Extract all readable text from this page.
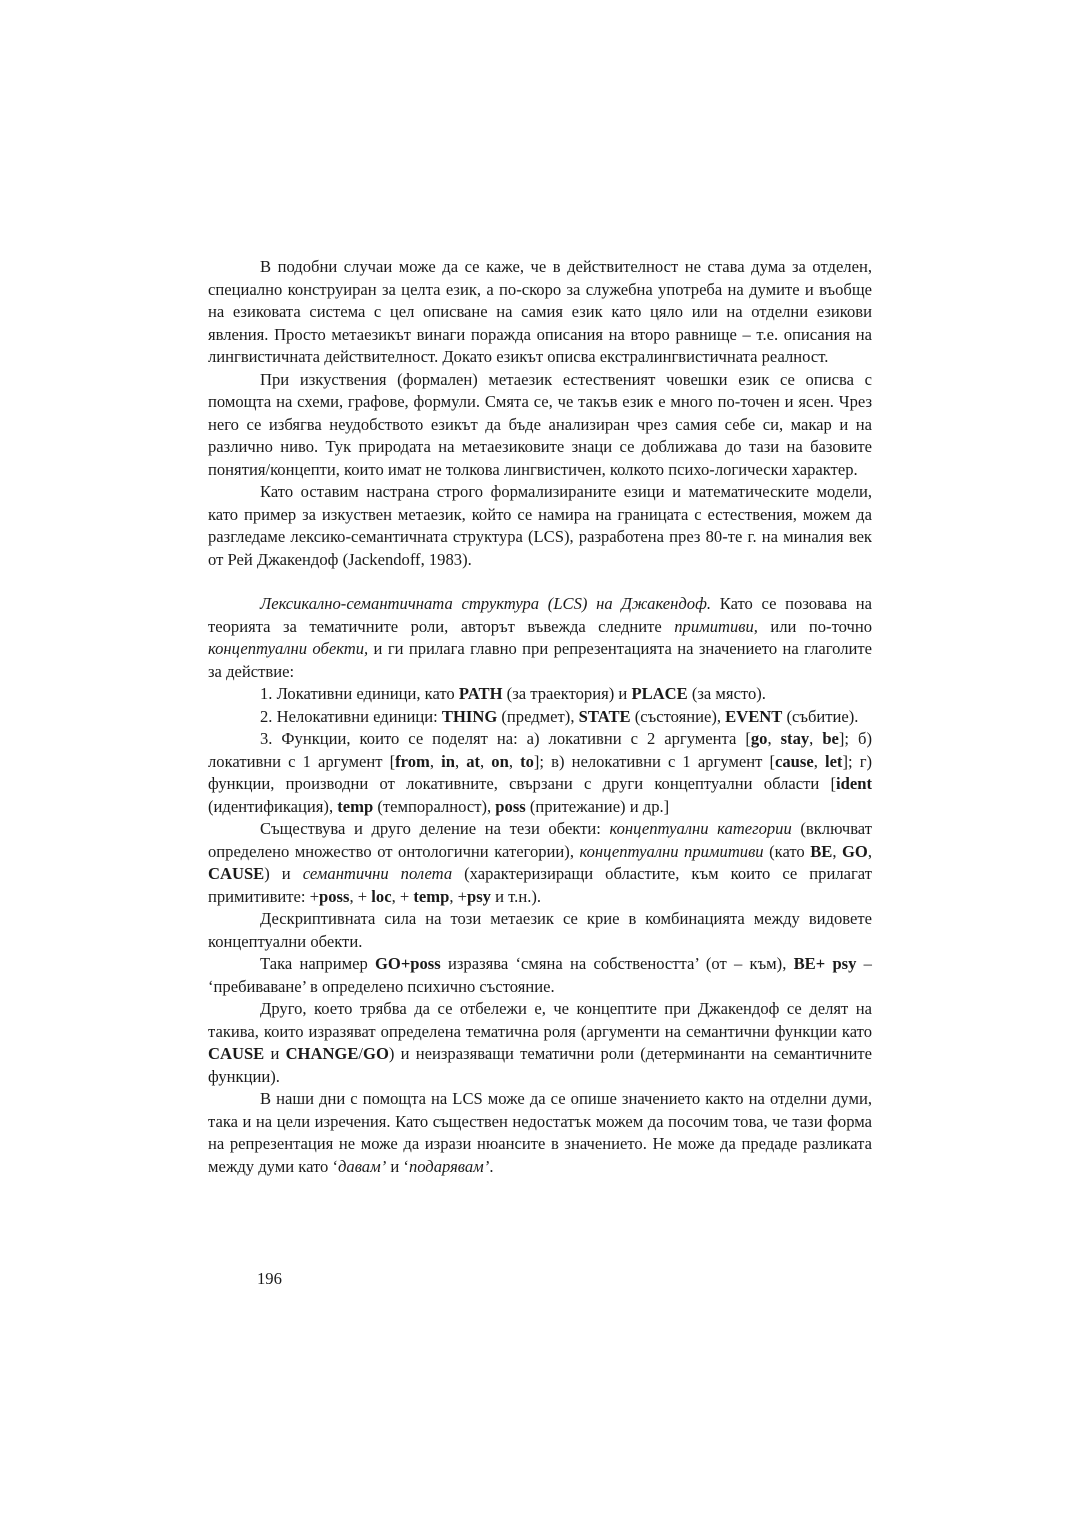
В подобни случаи може да се каже, че в действителност не става дума за отделен, специално конструиран за целта език, а по-скоро за служебна употреба на думите и въобще на езиковата система с цел описване на самия език като цяло или на отделни езикови явления. Просто метаезикът винаги поражда описания на второ равнище – т.е. описания на лингвистичната действителност. Докато езикът описва екстралингвистичната реалност.

При изкуствения (формален) метаезик естественият човешки език се описва с помощта на схеми, графове, формули. Смята се, че такъв език е много по-точен и ясен. Чрез него се избягва неудобството езикът да бъде анализиран чрез самия себе си, макар и на различно ниво. Тук природата на метаезиковите знаци се доближава до тази на базовите понятия/концепти, които имат не толкова лингвистичен, колкото психо-логически характер.

Като оставим настрана строго формализираните езици и математическите модели, като пример за изкуствен метаезик, който се намира на границата с естествения, можем да разгледаме лексико-семантичната структура (LCS), разработена през 80-те г. на миналия век от Рей Джакендоф (Jackendoff, 1983).

Лексикално-семантичната структура (LCS) на Джакендоф. Като се позовава на теорията за тематичните роли, авторът въвежда следните примитиви, или по-точно концептуални обекти, и ги прилага главно при репрезентацията на значението на глаголите за действие:

1. Локативни единици, като PATH (за траектория) и PLACE (за място).

2. Нелокативни единици: THING (предмет), STATE (състояние), EVENT (събитие).

3. Функции, които се поделят на: а) локативни с 2 аргумента [go, stay, be]; б) локативни с 1 аргумент [from, in, at, on, to]; в) нелокативни с 1 аргумент [cause, let]; г) функции, производни от локативните, свързани с други концептуални области [ident (идентификация), temp (темпоралност), poss (притежание) и др.]

Съществува и друго деление на тези обекти: концептуални категории (включват определено множество от онтологични категории), концептуални примитиви (като BE, GO, CAUSE) и семантични полета (характеризиращи областите, към които се прилагат примитивите: +poss, + loc, + temp, +psy и т.н.).

Дескриптивната сила на този метаезик се крие в комбинацията между видовете концептуални обекти.

Така например GO+poss изразява ‘смяна на собствеността’ (от – към), BE+ psy – ‘пребиваване’ в определено психично състояние.

Друго, което трябва да се отбележи е, че концептите при Джакендоф се делят на такива, които изразяват определена тематична роля (аргументи на семантични функции като CAUSE и CHANGE/GO) и неизразяващи тематични роли (детерминанти на семантичните функции).

В наши дни с помощта на LCS може да се опише значението както на отделни думи, така и на цели изречения. Като съществен недостатък можем да посочим това, че тази форма на репрезентация не може да изрази нюансите в значението. Не може да предаде разликата между думи като ‘давам’ и ‘подарявам’.

196
